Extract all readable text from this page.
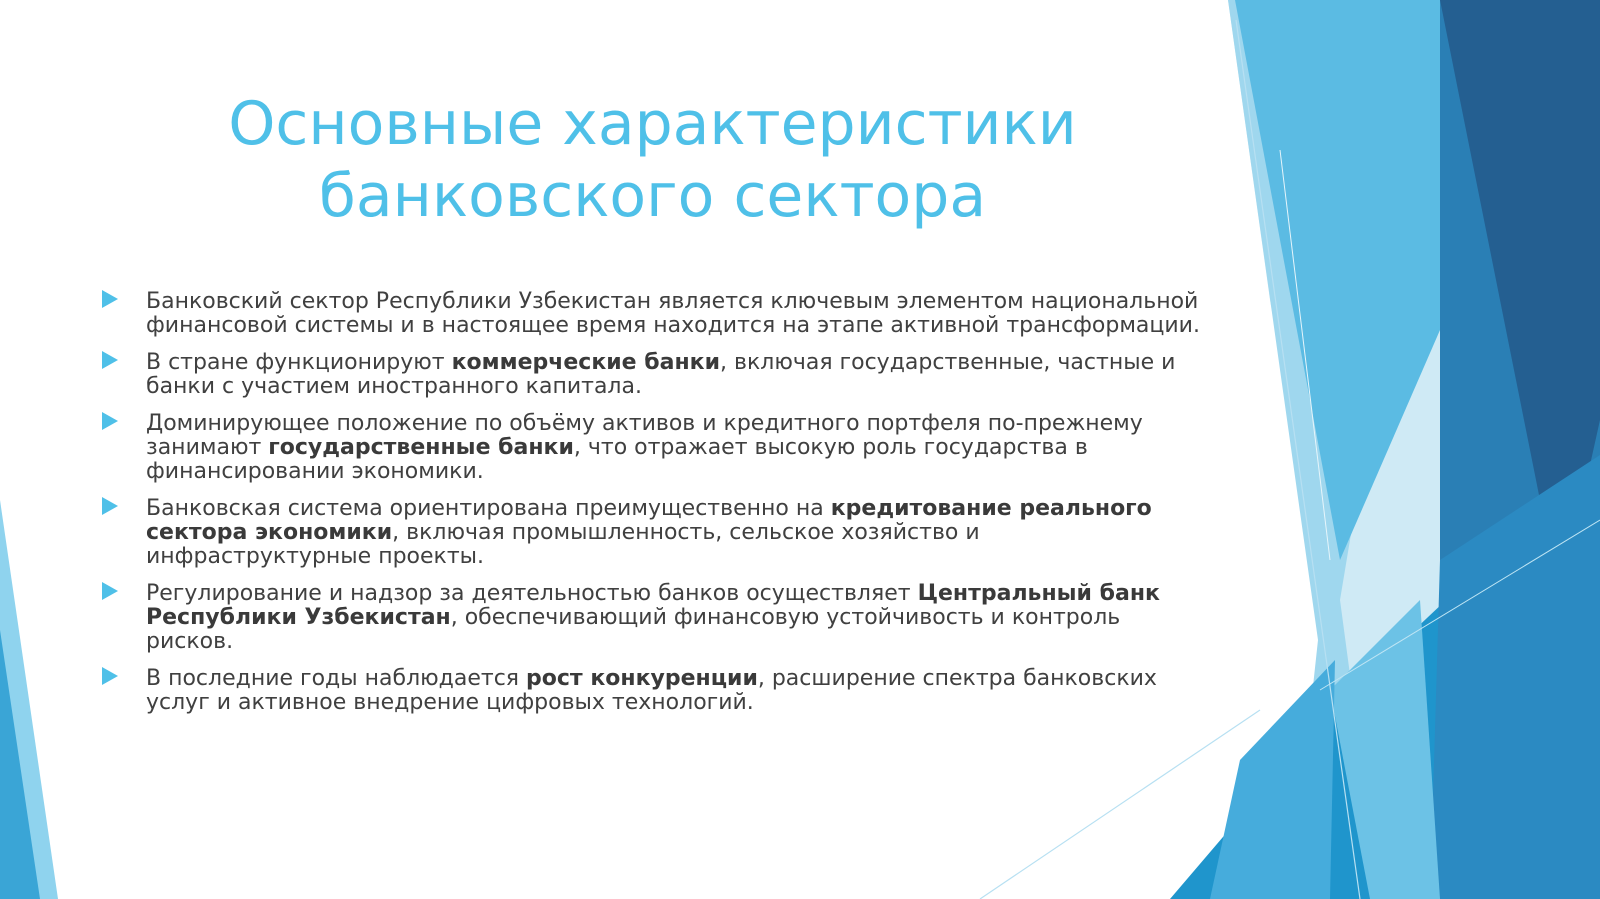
Основные характеристики
банковского сектора
Банковский сектор Республики Узбекистан является ключевым элементом национальной финансовой системы и в настоящее время находится на этапе активной трансформации.
В стране функционируют коммерческие банки, включая государственные, частные и банки с участием иностранного капитала.
Доминирующее положение по объёму активов и кредитного портфеля по-прежнему занимают государственные банки, что отражает высокую роль государства в финансировании экономики.
Банковская система ориентирована преимущественно на кредитование реального сектора экономики, включая промышленность, сельское хозяйство и инфраструктурные проекты.
Регулирование и надзор за деятельностью банков осуществляет Центральный банк Республики Узбекистан, обеспечивающий финансовую устойчивость и контроль рисков.
В последние годы наблюдается рост конкуренции, расширение спектра банковских услуг и активное внедрение цифровых технологий.
